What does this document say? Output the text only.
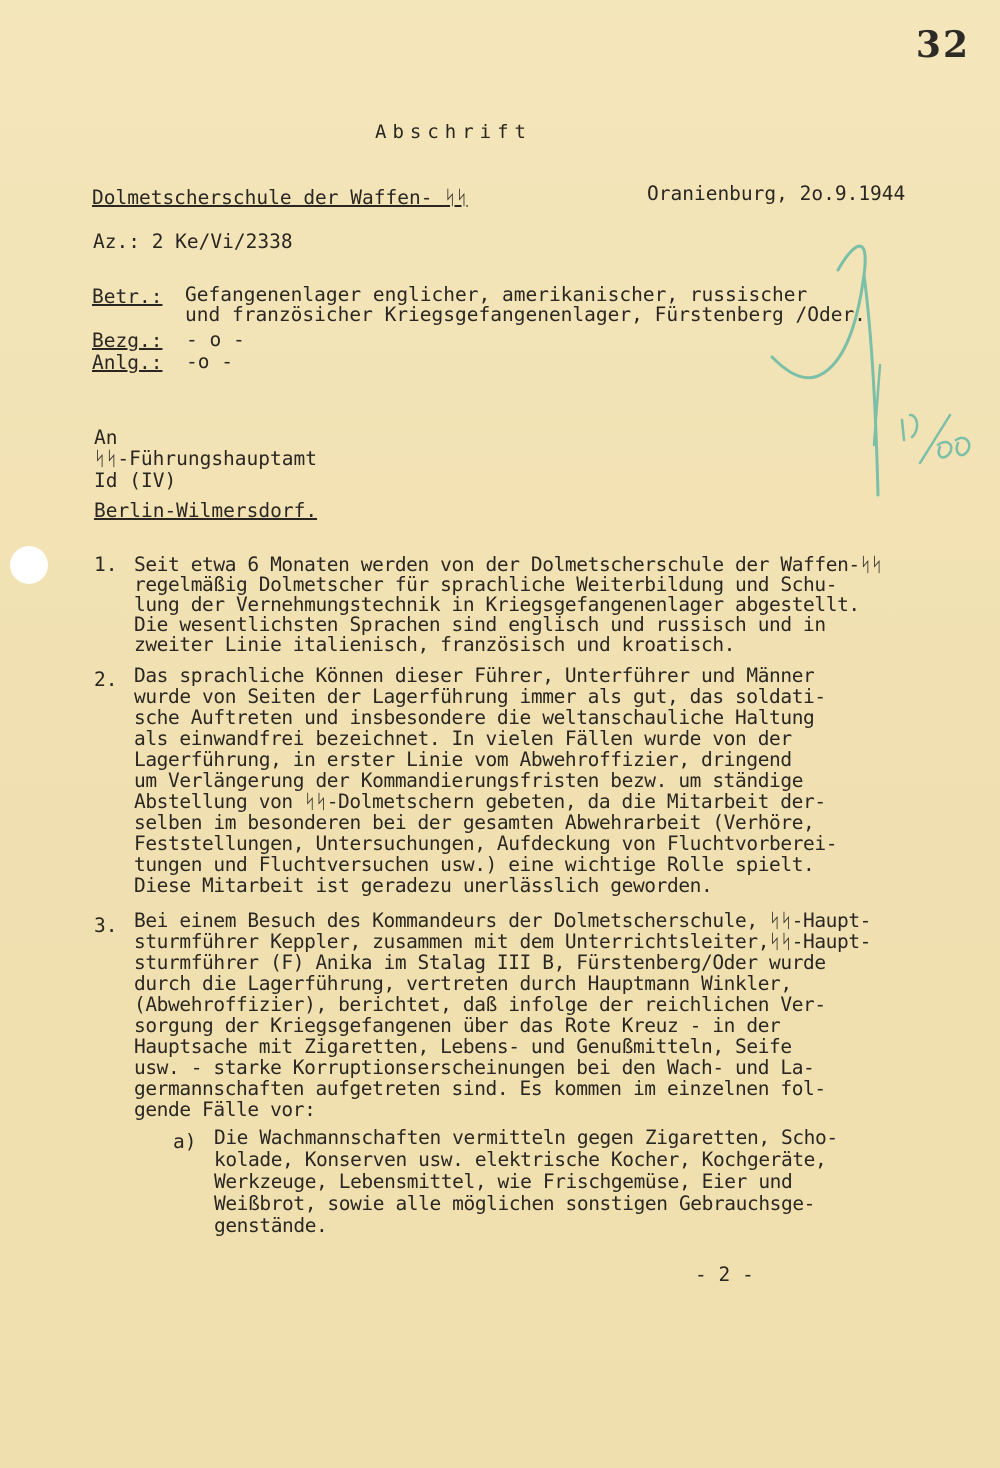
32
Abschrift
Dolmetscherschule der Waffen- ᛋᛋ	Oranienburg, 2o.9.1944
Az.: 2 Ke/Vi/2338
Betr.: Gefangenenlager englicher, amerikanischer, russischer
und französicher Kriegsgefangenenlager, Fürstenberg /Oder.
Bezg.: - o -
Anlg.: -o -
An
ᛋᛋ-Führungshauptamt
Id (IV)
Berlin-Wilmersdorf.
1. Seit etwa 6 Monaten werden von der Dolmetscherschule der Waffen-ᛋᛋ
regelmäßig Dolmetscher für sprachliche Weiterbildung und Schu-
lung der Vernehmungstechnik in Kriegsgefangenenlager abgestellt.
Die wesentlichsten Sprachen sind englisch und russisch und in
zweiter Linie italienisch, französisch und kroatisch.
2. Das sprachliche Können dieser Führer, Unterführer und Männer
wurde von Seiten der Lagerführung immer als gut, das soldati-
sche Auftreten und insbesondere die weltanschauliche Haltung
als einwandfrei bezeichnet. In vielen Fällen wurde von der
Lagerführung, in erster Linie vom Abwehroffizier, dringend
um Verlängerung der Kommandierungsfristen bezw. um ständige
Abstellung von ᛋᛋ-Dolmetschern gebeten, da die Mitarbeit der-
selben im besonderen bei der gesamten Abwehrarbeit (Verhöre,
Feststellungen, Untersuchungen, Aufdeckung von Fluchtvorberei-
tungen und Fluchtversuchen usw.) eine wichtige Rolle spielt.
Diese Mitarbeit ist geradezu unerlässlich geworden.
3. Bei einem Besuch des Kommandeurs der Dolmetscherschule, ᛋᛋ-Haupt-
sturmführer Keppler, zusammen mit dem Unterrichtsleiter,ᛋᛋ-Haupt-
sturmführer (F) Anika im Stalag III B, Fürstenberg/Oder wurde
durch die Lagerführung, vertreten durch Hauptmann Winkler,
(Abwehroffizier), berichtet, daß infolge der reichlichen Ver-
sorgung der Kriegsgefangenen über das Rote Kreuz - in der
Hauptsache mit Zigaretten, Lebens- und Genußmitteln, Seife
usw. - starke Korruptionserscheinungen bei den Wach- und La-
germannschaften aufgetreten sind. Es kommen im einzelnen fol-
gende Fälle vor:
a) Die Wachmannschaften vermitteln gegen Zigaretten, Scho-
kolade, Konserven usw. elektrische Kocher, Kochgeräte,
Werkzeuge, Lebensmittel, wie Frischgemüse, Eier und
Weißbrot, sowie alle möglichen sonstigen Gebrauchsge-
genstände.
- 2 -
